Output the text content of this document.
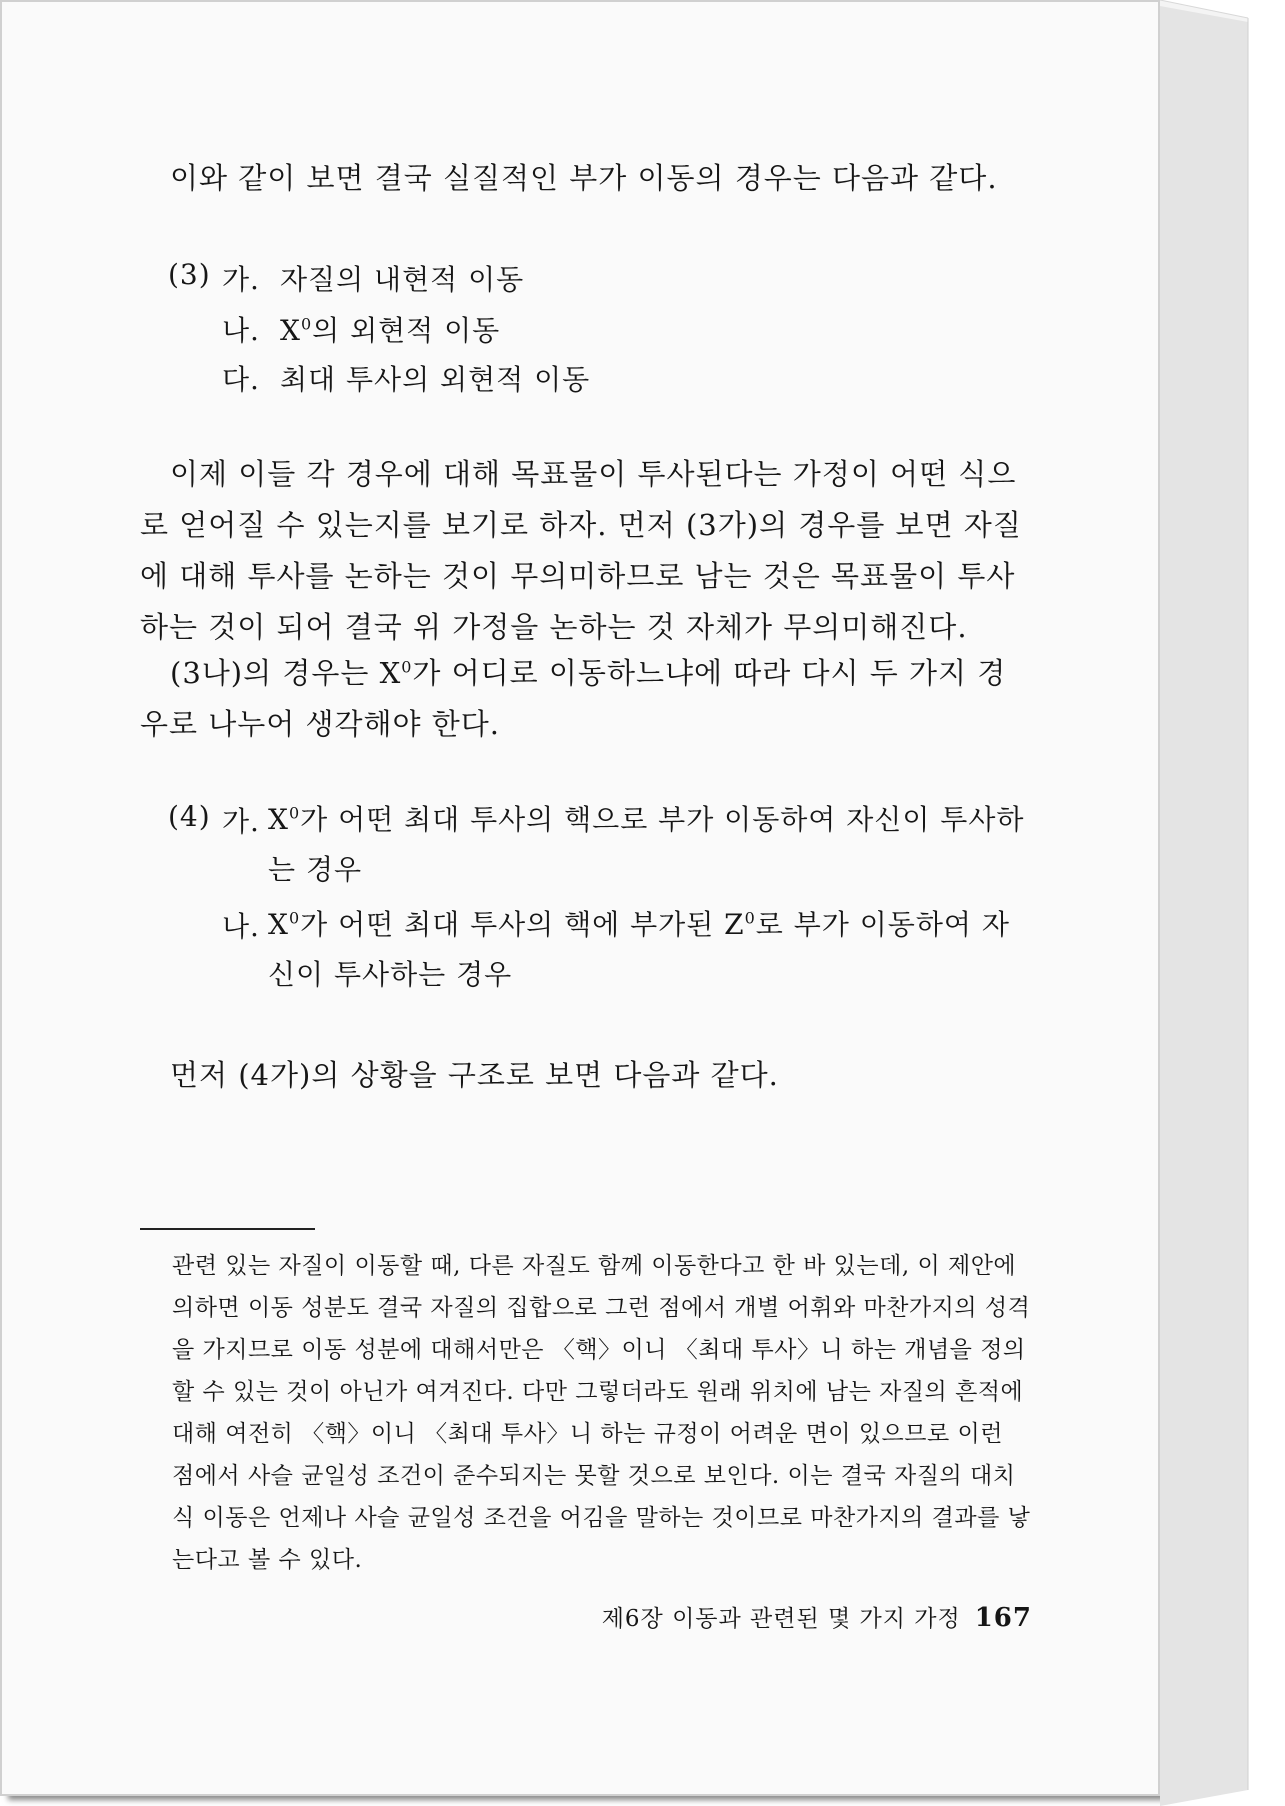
이와 같이 보면 결국 실질적인 부가 이동의 경우는 다음과 같다.
(3) 가. 자질의 내현적 이동
나. $X^0$의 외현적 이동
다. 최대 투사의 외현적 이동
이제 이들 각 경우에 대해 목표물이 투사된다는 가정이 어떤 식으로 얻어질 수 있는지를 보기로 하자. 먼저 (3가)의 경우를 보면 자질에 대해 투사를 논하는 것이 무의미하므로 남는 것은 목표물이 투사하는 것이 되어 결국 위 가정을 논하는 것 자체가 무의미해진다.
(3나)의 경우는 $X^0$가 어디로 이동하느냐에 따라 다시 두 가지 경우로 나누어 생각해야 한다.
(4) 가. $X^0$가 어떤 최대 투사의 핵으로 부가 이동하여 자신이 투사하는 경우
나. $X^0$가 어떤 최대 투사의 핵에 부가된 $Z^0$로 부가 이동하여 자신이 투사하는 경우
먼저 (4가)의 상황을 구조로 보면 다음과 같다.
관련 있는 자질이 이동할 때, 다른 자질도 함께 이동한다고 한 바 있는데, 이 제안에 의하면 이동 성분도 결국 자질의 집합으로 그런 점에서 개별 어휘와 마찬가지의 성격을 가지므로 이동 성분에 대해서만은 〈핵〉이니 〈최대 투사〉니 하는 개념을 정의할 수 있는 것이 아닌가 여겨진다. 다만 그렇더라도 원래 위치에 남는 자질의 흔적에 대해 여전히 〈핵〉이니 〈최대 투사〉니 하는 규정이 어려운 면이 있으므로 이런 점에서 사슬 균일성 조건이 준수되지는 못할 것으로 보인다. 이는 결국 자질의 대치식 이동은 언제나 사슬 균일성 조건을 어김을 말하는 것이므로 마찬가지의 결과를 낳는다고 볼 수 있다.
제6장 이동과 관련된 몇 가지 가정 167
